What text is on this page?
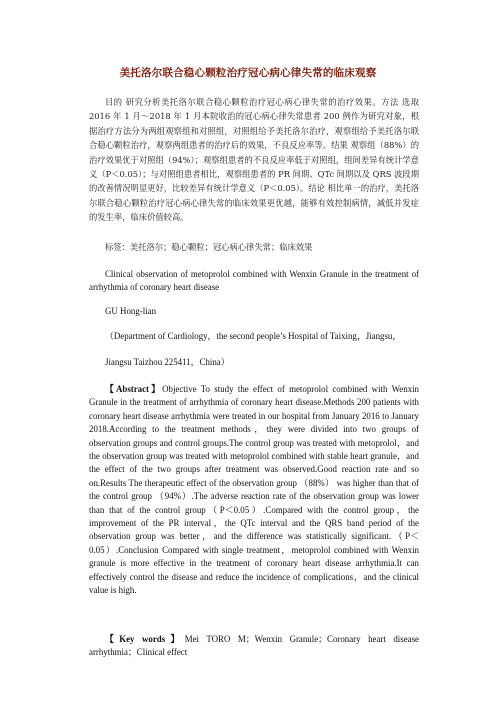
美托洛尔联合稳心颗粒治疗冠心病心律失常的临床观察
目的 研究分析美托洛尔联合稳心颗粒治疗冠心病心律失常的治疗效果。方法 选取 2016 年 1 月～2018 年 1 月本院收治的冠心病心律失常患者 200 例作为研究对象，根据治疗方法分为两组观察组和对照组，对照组给予美托洛尔治疗，观察组给予美托洛尔联合稳心颗粒治疗，观察两组患者的治疗后的效果，不良反应率等。结果 观察组（88%）的治疗效果优于对照组（94%）；观察组患者的不良反应率低于对照组，组间差异有统计学意义（P＜0.05）；与对照组患者相比，观察组患者的 PR 间期、QTc 间期以及 QRS 波段期的改善情况明显更好，比较差异有统计学意义（P＜0.05）。结论 相比单一的治疗，美托洛尔联合稳心颗粒治疗冠心病心律失常的临床效果更优越，能够有效控制病情，减低并发症的发生率，临床价值较高。
标签：美托洛尔；稳心颗粒；冠心病心律失常；临床效果
Clinical observation of metoprolol combined with Wenxin Granule in the treatment of arrhythmia of coronary heart disease
GU Hong-lian
（Department of Cardiology，the second people’s Hospital of Taixing，Jiangsu，
Jiangsu Taizhou 225411，China）
【Abstract】Objective To study the effect of metoprolol combined with Wenxin Granule in the treatment of arrhythmia of coronary heart disease.Methods 200 patients with coronary heart disease arrhythmia were treated in our hospital from January 2016 to January 2018.According to the treatment methods，they were divided into two groups of observation groups and control groups.The control group was treated with metoprolol，and the observation group was treated with metoprolol combined with stable heart granule，and the effect of the two groups after treatment was observed.Good reaction rate and so on.Results The therapeutic effect of the observation group （88%） was higher than that of the control group （94%）.The adverse reaction rate of the observation group was lower than that of the control group（P＜0.05）.Compared with the control group，the improvement of the PR interval，the QTc interval and the QRS band period of the observation group was better，and the difference was statistically significant.（P＜0.05）.Conclusion Compared with single treatment，metoprolol combined with Wenxin granule is more effective in the treatment of coronary heart disease arrhythmia.It can effectively control the disease and reduce the incidence of complications，and the clinical value is high.
【Key words】Mei TORO M；Wenxin Granule；Coronary heart disease arrhythmia；Clinical effect
